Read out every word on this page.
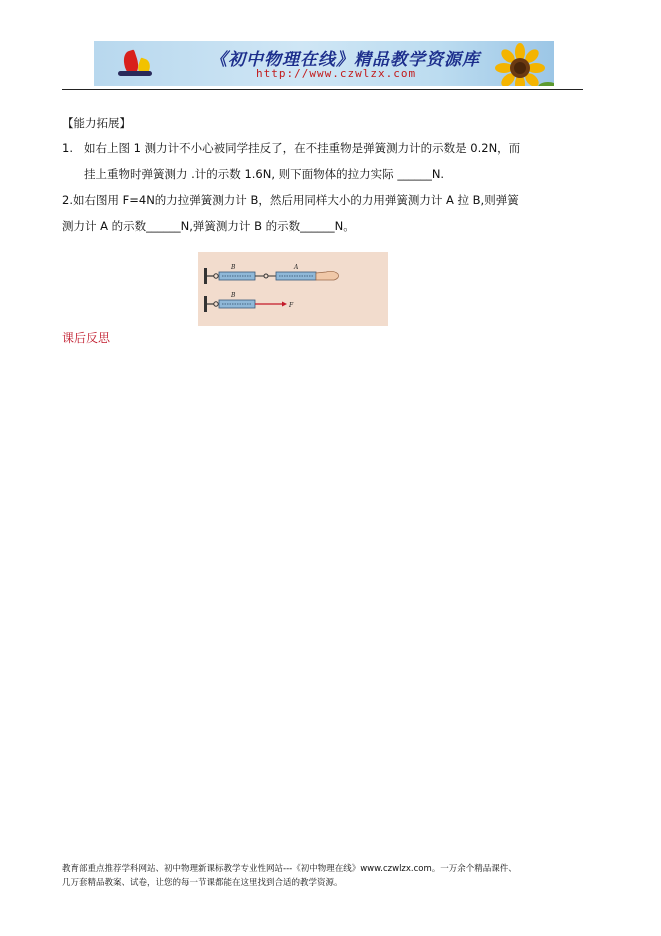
《初中物理在线》精品教学资源库
http://www.czwlzx.com
【能力拓展】
1. 如右上图 1 测力计不小心被同学挂反了，在不挂重物是弹簧测力计的示数是 0.2N，而
挂上重物时弹簧测力 .计的示数 1.6N, 则下面物体的拉力实际 ______N.
2.如右图用 F=4N的力拉弹簧测力计 B，然后用同样大小的力用弹簧测力计 A 拉 B,则弹簧
测力计 A 的示数______N,弹簧测力计 B 的示数______N。
B	A
B
F
课后反思
教育部重点推荐学科网站、初中物理新课标教学专业性网站---《初中物理在线》www.czwlzx.com。一万余个精品课件、
几万套精品教案、试卷，让您的每一节课都能在这里找到合适的教学资源。
